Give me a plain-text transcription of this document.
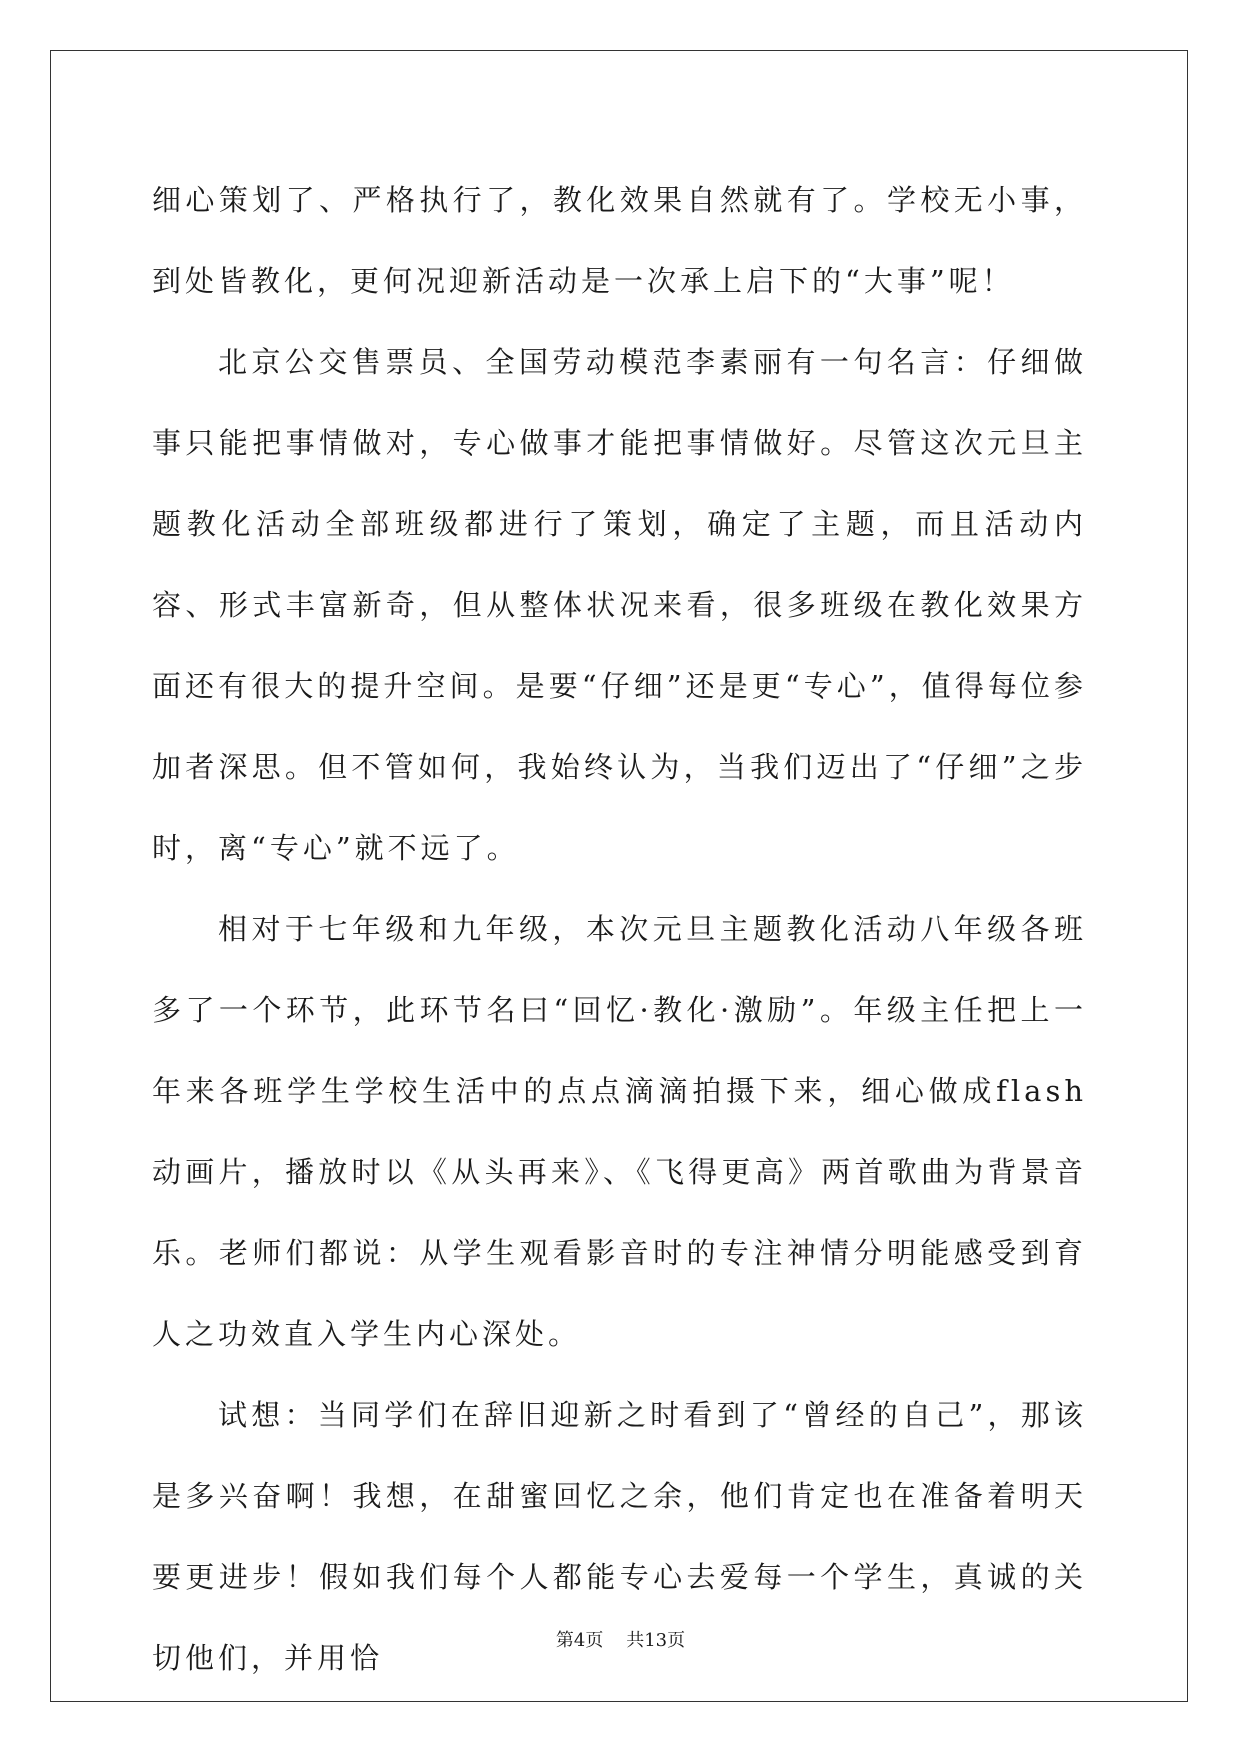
细心策划了、严格执行了，教化效果自然就有了。学校无小事，到处皆教化，更何况迎新活动是一次承上启下的“大事”呢！

北京公交售票员、全国劳动模范李素丽有一句名言：仔细做事只能把事情做对，专心做事才能把事情做好。尽管这次元旦主题教化活动全部班级都进行了策划，确定了主题，而且活动内容、形式丰富新奇，但从整体状况来看，很多班级在教化效果方面还有很大的提升空间。是要“仔细”还是更“专心”，值得每位参加者深思。但不管如何，我始终认为，当我们迈出了“仔细”之步时，离“专心”就不远了。

相对于七年级和九年级，本次元旦主题教化活动八年级各班多了一个环节，此环节名曰“回忆·教化·激励”。年级主任把上一年来各班学生学校生活中的点点滴滴拍摄下来，细心做成flash动画片，播放时以《从头再来》、《飞得更高》两首歌曲为背景音乐。老师们都说：从学生观看影音时的专注神情分明能感受到育人之功效直入学生内心深处。

试想：当同学们在辞旧迎新之时看到了“曾经的自己”，那该是多兴奋啊！我想，在甜蜜回忆之余，他们肯定也在准备着明天要更进步！假如我们每个人都能专心去爱每一个学生，真诚的关切他们，并用恰

第4页    共13页
